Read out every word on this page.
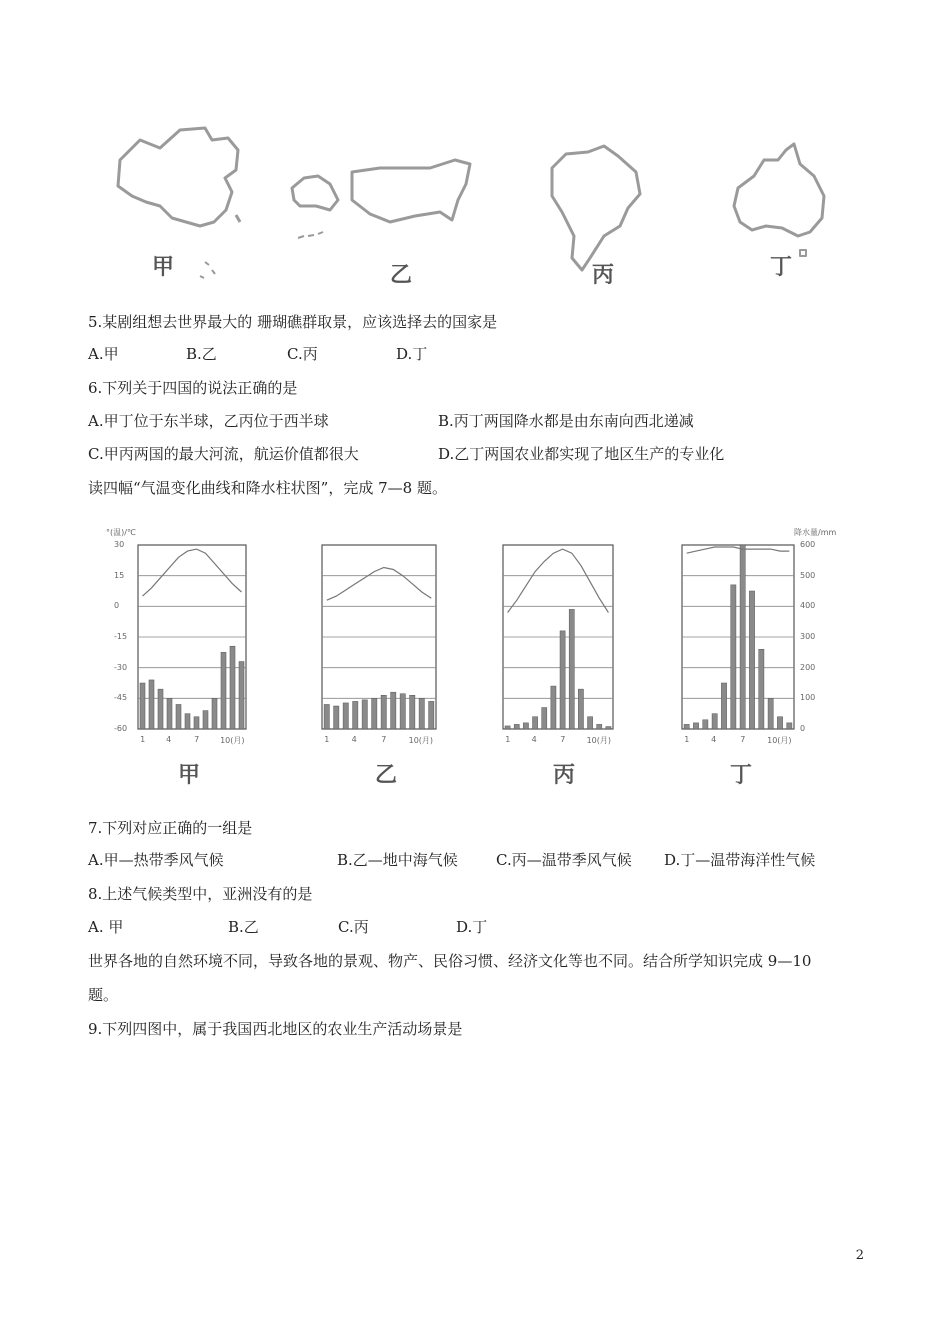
甲	乙	丙	丁
5.某剧组想去世界最大的 珊瑚礁群取景，应该选择去的国家是
A.甲	B.乙	C.丙	D.丁
6.下列关于四国的说法正确的是
A.甲丁位于东半球，乙丙位于西半球	B.丙丁两国降水都是由东南向西北递减
C.甲丙两国的最大河流，航运价值都很大	D.乙丁两国农业都实现了地区生产的专业化
读四幅“气温变化曲线和降水柱状图”，完成 7—8 题。
°(温)/℃	降水量/mm
30
15
0
-15
-30
-45
-60
600
500
400
300
200
100
0
甲	乙	丙	丁
7.下列对应正确的一组是
A.甲—热带季风气候	B.乙—地中海气候	C.丙—温带季风气候 D.丁—温带海洋性气候
8.上述气候类型中，亚洲没有的是
A. 甲	B.乙	C.丙	D.丁
世界各地的自然环境不同，导致各地的景观、物产、民俗习惯、经济文化等也不同。结合所学知识完成 9—10
题。
9.下列四图中，属于我国西北地区的农业生产活动场景是
2
1	4	7	10(月)	1	4	7	10(月)	1	4	7	10(月)	1	4	7	10(月)
